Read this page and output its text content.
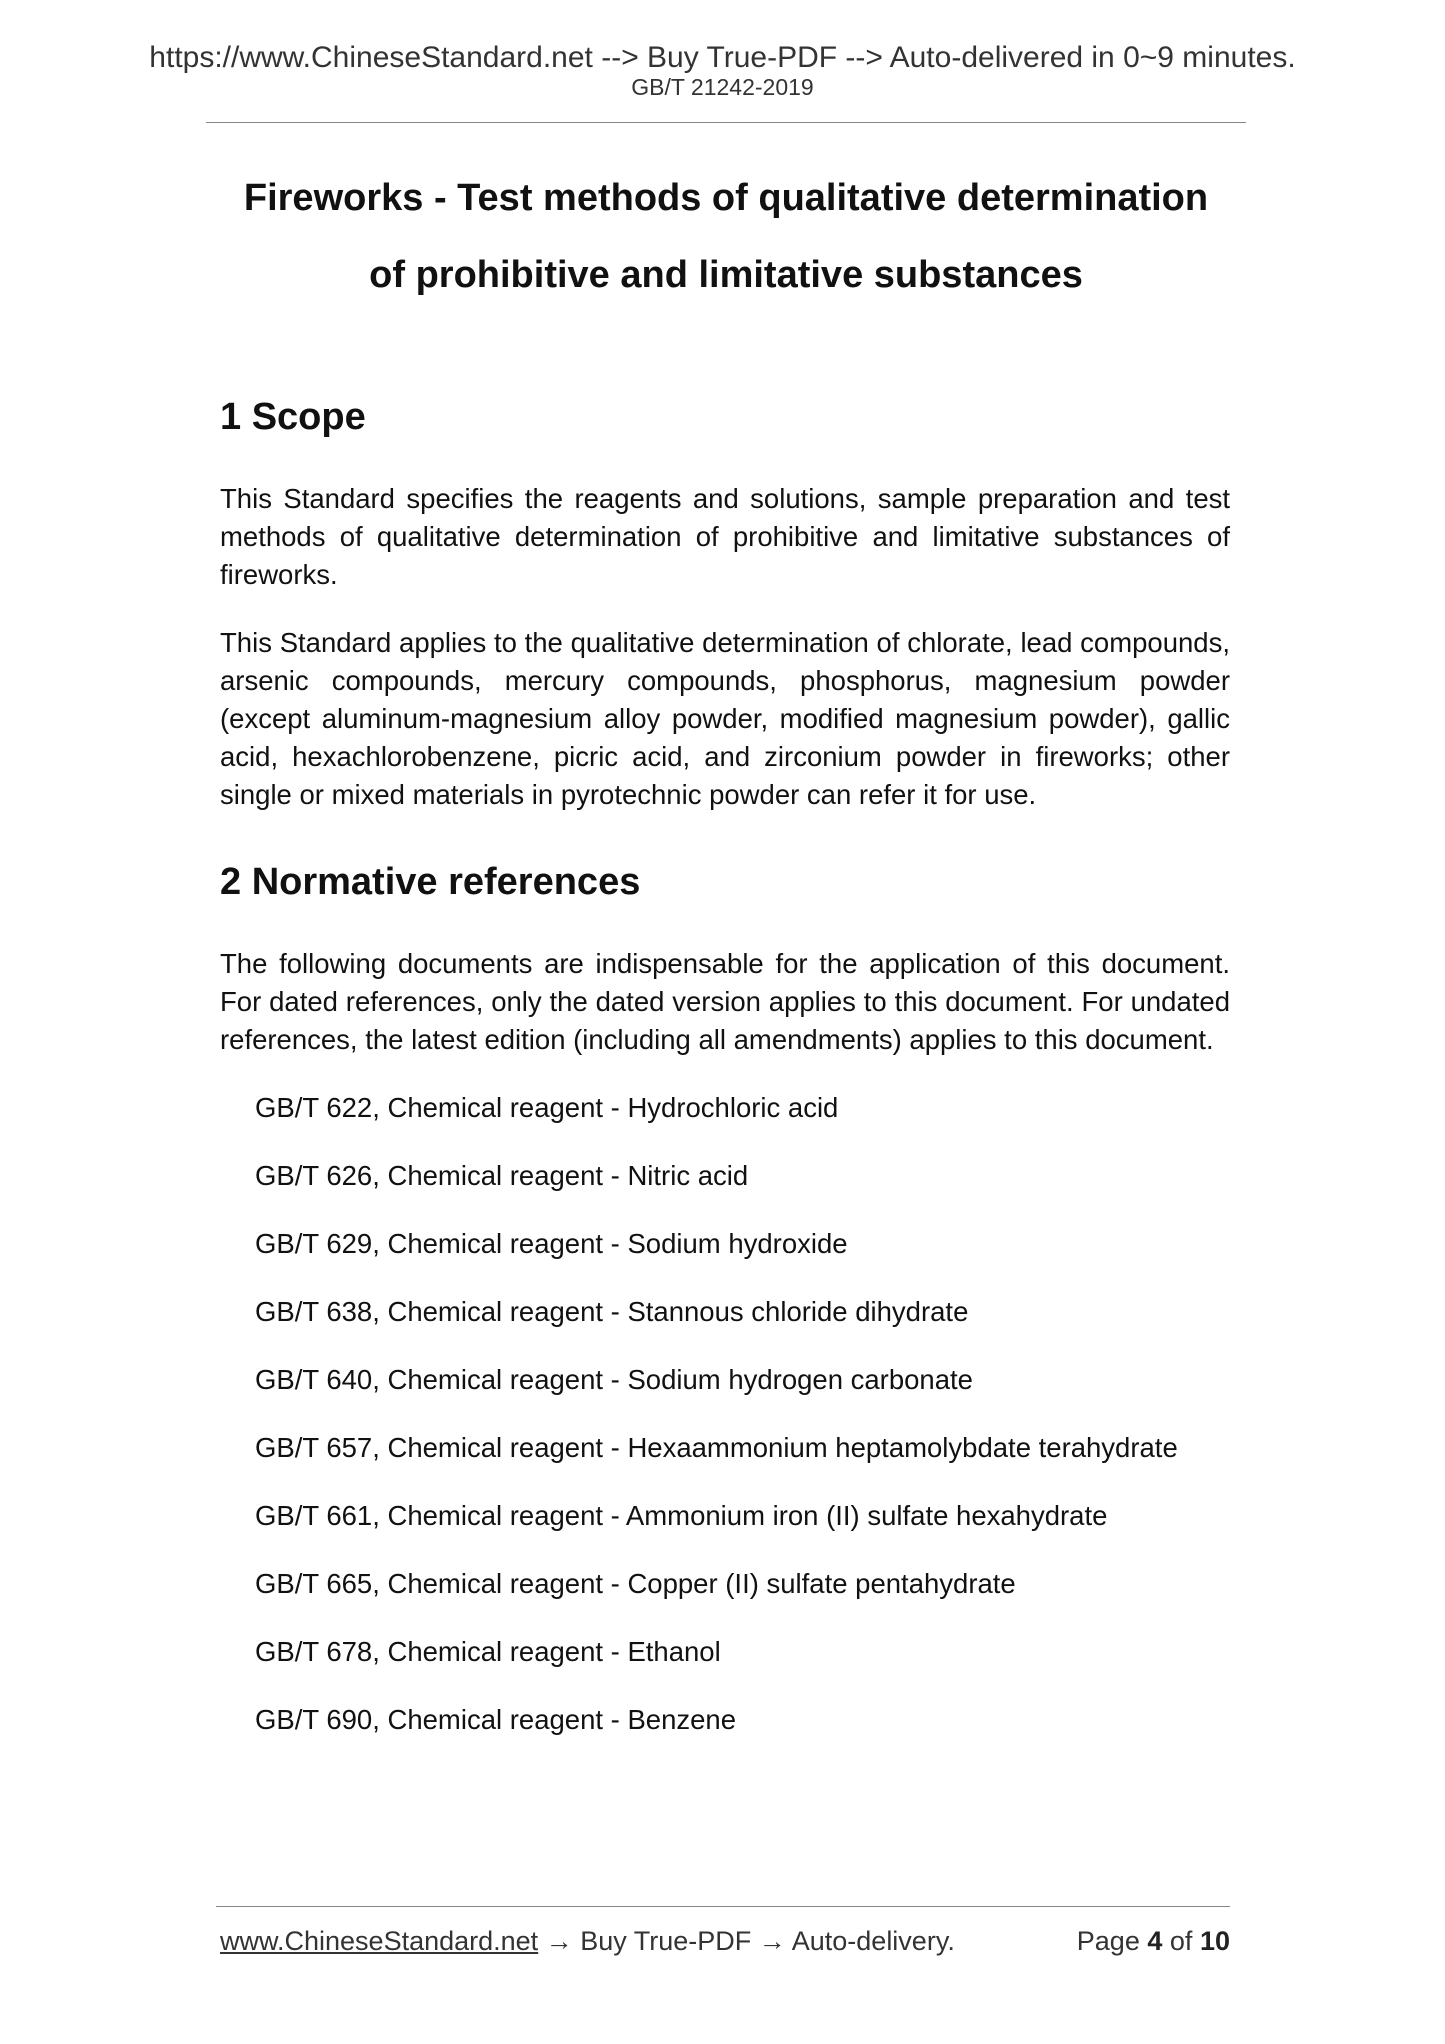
https://www.ChineseStandard.net --> Buy True-PDF --> Auto-delivered in 0~9 minutes.
GB/T 21242-2019
Fireworks - Test methods of qualitative determination
of prohibitive and limitative substances
1 Scope

This Standard specifies the reagents and solutions, sample preparation and test methods of qualitative determination of prohibitive and limitative substances of fireworks.

This Standard applies to the qualitative determination of chlorate, lead compounds, arsenic compounds, mercury compounds, phosphorus, magnesium powder (except aluminum-magnesium alloy powder, modified magnesium powder), gallic acid, hexachlorobenzene, picric acid, and zirconium powder in fireworks; other single or mixed materials in pyrotechnic powder can refer it for use.

2 Normative references

The following documents are indispensable for the application of this document. For dated references, only the dated version applies to this document. For undated references, the latest edition (including all amendments) applies to this document.

GB/T 622, Chemical reagent - Hydrochloric acid
GB/T 626, Chemical reagent - Nitric acid
GB/T 629, Chemical reagent - Sodium hydroxide
GB/T 638, Chemical reagent - Stannous chloride dihydrate
GB/T 640, Chemical reagent - Sodium hydrogen carbonate
GB/T 657, Chemical reagent - Hexaammonium heptamolybdate terahydrate
GB/T 661, Chemical reagent - Ammonium iron (II) sulfate hexahydrate
GB/T 665, Chemical reagent - Copper (II) sulfate pentahydrate
GB/T 678, Chemical reagent - Ethanol
GB/T 690, Chemical reagent - Benzene
www.ChineseStandard.net → Buy True-PDF → Auto-delivery.	Page 4 of 10
